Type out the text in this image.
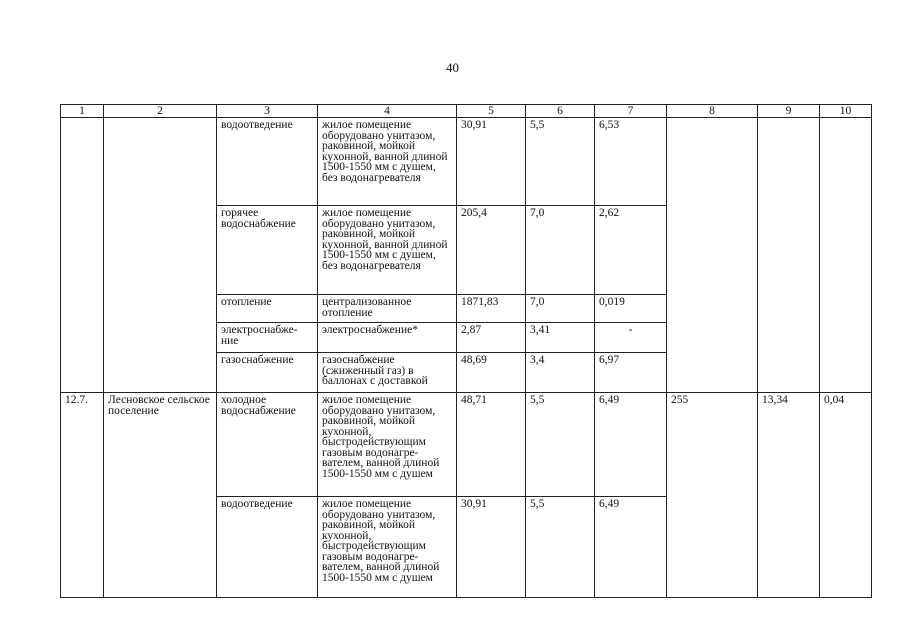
40
1	2	3	4	5	6	7	8	9	10
		водоотведение	жилое помещение оборудовано унитазом, раковиной, мойкой кухонной, ванной длиной 1500-1550 мм с душем, без водонагревателя	30,91	5,5	6,53			
		горячее водоснабжение	жилое помещение оборудовано унитазом, раковиной, мойкой кухонной, ванной длиной 1500-1550 мм с душем, без водонагревателя	205,4	7,0	2,62			
		отопление	централизованное отопление	1871,83	7,0	0,019			
		электроснабже-ние	электроснабжение*	2,87	3,41	-			
		газоснабжение	газоснабжение (сжиженный газ) в баллонах с доставкой	48,69	3,4	6,97			
12.7.	Лесновское сельское поселение	холодное водоснабжение	жилое помещение оборудовано унитазом, раковиной, мойкой кухонной, быстродействующим газовым водонагре-вателем, ванной длиной 1500-1550 мм с душем	48,71	5,5	6,49	255	13,34	0,04
		водоотведение	жилое помещение оборудовано унитазом, раковиной, мойкой кухонной, быстродействующим газовым водонагре-вателем, ванной длиной 1500-1550 мм с душем	30,91	5,5	6,49			
